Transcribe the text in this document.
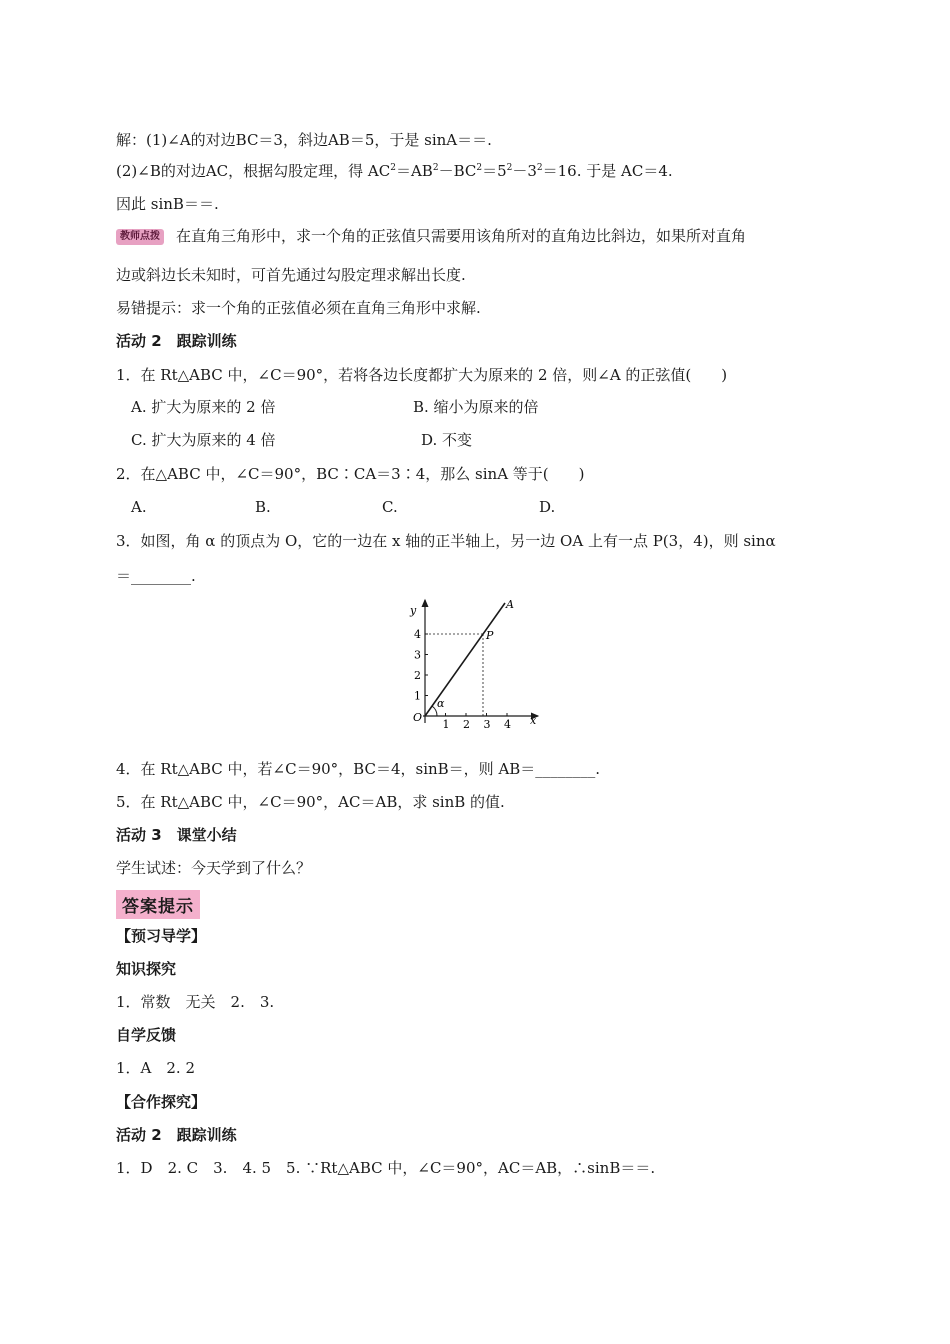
解：(1)∠A的对边BC＝3，斜边AB＝5，于是 sinA＝＝.
(2)∠B的对边AC，根据勾股定理，得 $AC^2=AB^2-BC^2=5^2-3^2=16$. 于是 AC＝4.
因此 sinB＝＝.
教师点拨 在直角三角形中，求一个角的正弦值只需要用该角所对的直角边比斜边，如果所对直角
边或斜边长未知时，可首先通过勾股定理求解出长度.
易错提示：求一个角的正弦值必须在直角三角形中求解.
活动 2　跟踪训练
1．在 Rt△ABC 中，∠C＝90°，若将各边长度都扩大为原来的 2 倍，则∠A 的正弦值(　　)
A. 扩大为原来的 2 倍	B. 缩小为原来的倍
C. 扩大为原来的 4 倍	D. 不变
2．在△ABC 中，∠C＝90°，BC∶CA＝3∶4，那么 sinA 等于(　　)
A.	B.	C.	D.
3．如图，角 α 的顶点为 O，它的一边在 x 轴的正半轴上，另一边 OA 上有一点 P(3，4)，则 sinα
＝________.
1 2 3 4
1
2
3
4
y
x
O
A
P
α
4．在 Rt△ABC 中，若∠C＝90°，BC＝4，sinB＝，则 AB＝________.
5．在 Rt△ABC 中，∠C＝90°，AC＝AB，求 sinB 的值.
活动 3　课堂小结
学生试述：今天学到了什么？
答案提示
【预习导学】
知识探究
1．常数　无关　2.　3.
自学反馈
1．A　2. 2
【合作探究】
活动 2　跟踪训练
1．D　2. C　3.　4. 5　5. ∵Rt△ABC 中，∠C＝90°，AC＝AB，∴sinB＝＝.
